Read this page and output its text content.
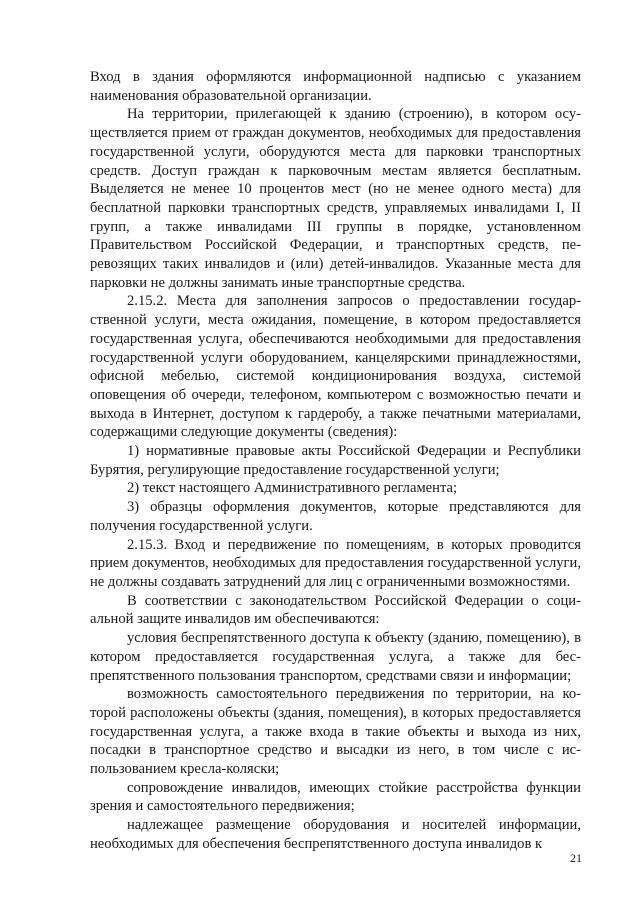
Вход в здания оформляются информационной надписью с указанием наименования образовательной организации.

На территории, прилегающей к зданию (строению), в котором осуществляется прием от граждан документов, необходимых для предоставления государственной услуги, оборудуются места для парковки транспортных средств. Доступ граждан к парковочным местам является бесплатным. Выделяется не менее 10 процентов мест (но не менее одного места) для бесплатной парковки транспортных средств, управляемых инвалидами I, II групп, а также инвалидами III группы в порядке, установленном Правительством Российской Федерации, и транспортных средств, перевозящих таких инвалидов и (или) детей-инвалидов. Указанные места для парковки не должны занимать иные транспортные средства.

2.15.2. Места для заполнения запросов о предоставлении государственной услуги, места ожидания, помещение, в котором предоставляется государственная услуга, обеспечиваются необходимыми для предоставления государственной услуги оборудованием, канцелярскими принадлежностями, офисной мебелью, системой кондиционирования воздуха, системой оповещения об очереди, телефоном, компьютером с возможностью печати и выхода в Интернет, доступом к гардеробу, а также печатными материалами, содержащими следующие документы (сведения):

1) нормативные правовые акты Российской Федерации и Республики Бурятия, регулирующие предоставление государственной услуги;

2) текст настоящего Административного регламента;

3) образцы оформления документов, которые представляются для получения государственной услуги.

2.15.3. Вход и передвижение по помещениям, в которых проводится прием документов, необходимых для предоставления государственной услуги, не должны создавать затруднений для лиц с ограниченными возможностями.

В соответствии с законодательством Российской Федерации о социальной защите инвалидов им обеспечиваются:

условия беспрепятственного доступа к объекту (зданию, помещению), в котором предоставляется государственная услуга, а также для беспрепятственного пользования транспортом, средствами связи и информации;

возможность самостоятельного передвижения по территории, на которой расположены объекты (здания, помещения), в которых предоставляется государственная услуга, а также входа в такие объекты и выхода из них, посадки в транспортное средство и высадки из него, в том числе с использованием кресла-коляски;

сопровождение инвалидов, имеющих стойкие расстройства функции зрения и самостоятельного передвижения;

надлежащее размещение оборудования и носителей информации, необходимых для обеспечения беспрепятственного доступа инвалидов к

21
